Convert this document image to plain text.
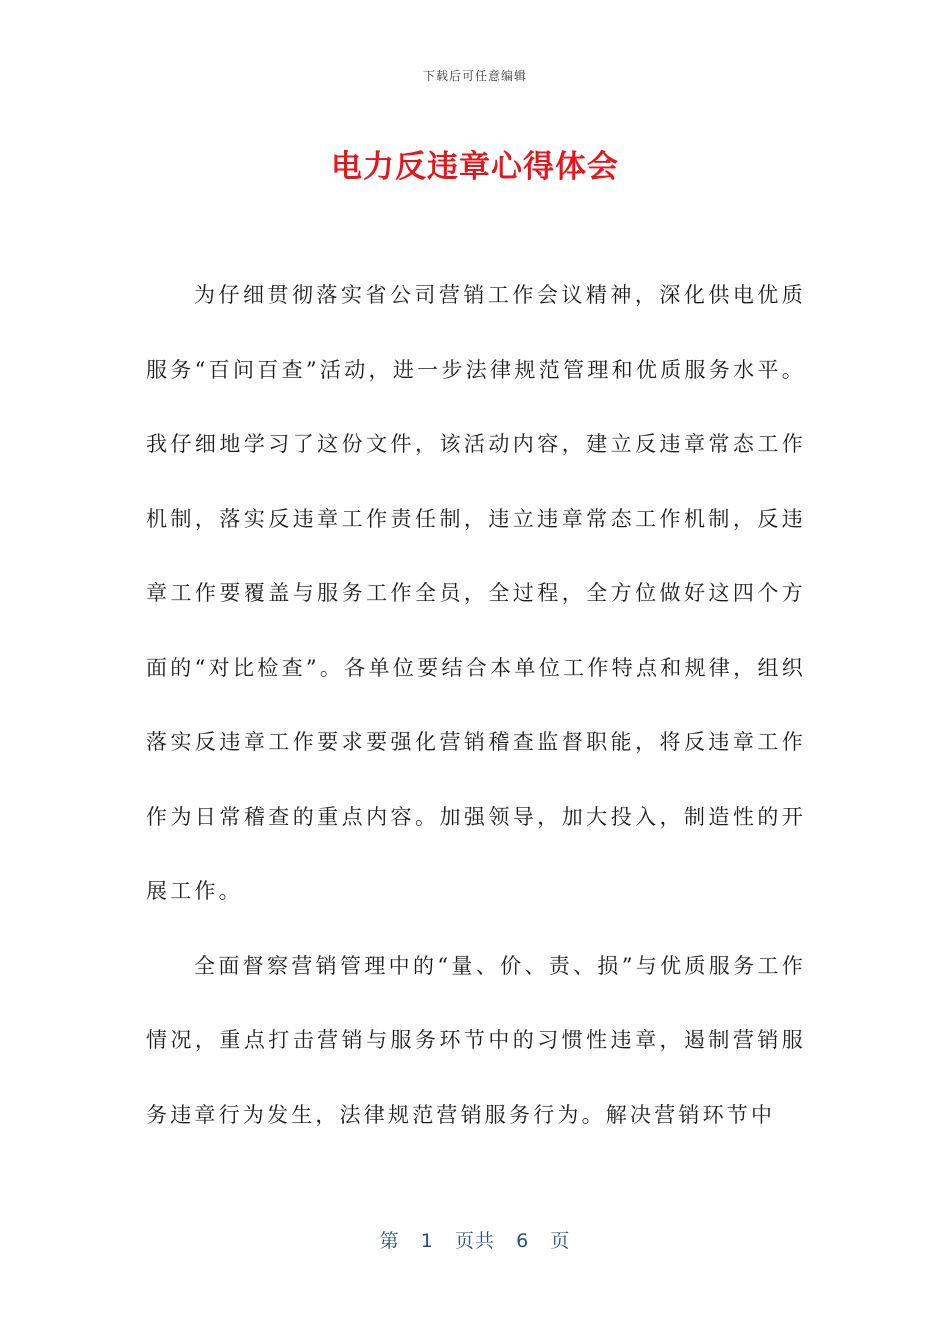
下载后可任意编辑
电力反违章心得体会

为仔细贯彻落实省公司营销工作会议精神，深化供电优质服务“百问百查”活动，进一步法律规范管理和优质服务水平。我仔细地学习了这份文件，该活动内容，建立反违章常态工作机制，落实反违章工作责任制，违立违章常态工作机制，反违章工作要覆盖与服务工作全员，全过程，全方位做好这四个方面的“对比检查”。各单位要结合本单位工作特点和规律，组织落实反违章工作要求要强化营销稽查监督职能，将反违章工作作为日常稽查的重点内容。加强领导，加大投入，制造性的开展工作。

全面督察营销管理中的“量、价、责、损”与优质服务工作情况，重点打击营销与服务环节中的习惯性违章，遏制营销服务违章行为发生，法律规范营销服务行为。解决营销环节中

第 1 页共 6 页
